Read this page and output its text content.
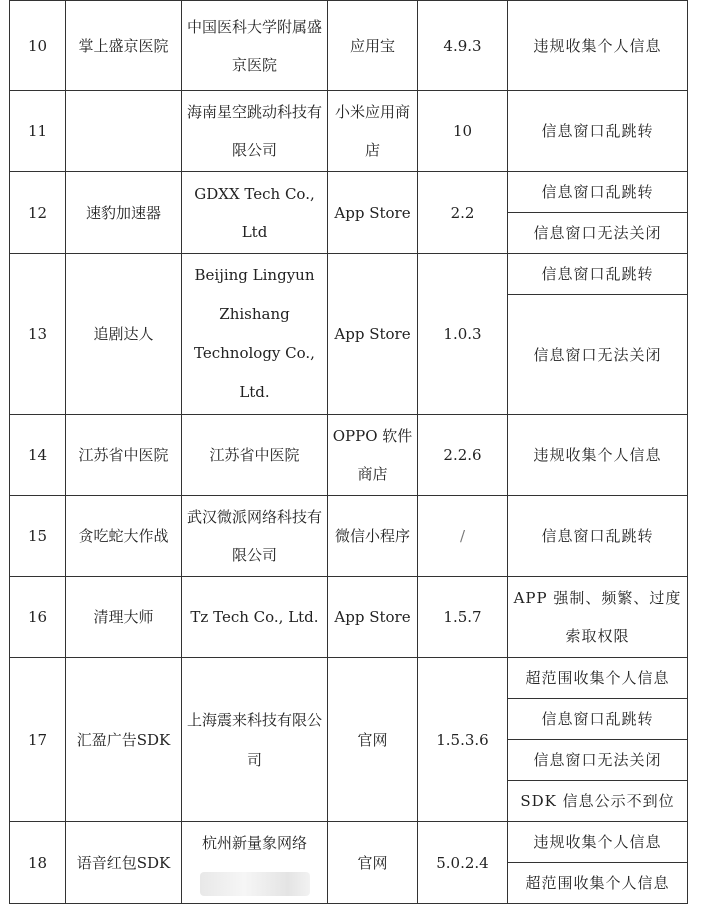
10	掌上盛京医院	中国医科大学附属盛京医院	应用宝	4.9.3	违规收集个人信息
11		海南星空跳动科技有限公司	小米应用商店	10	信息窗口乱跳转
12	速豹加速器	GDXX Tech Co., Ltd	App Store	2.2	信息窗口乱跳转
					信息窗口无法关闭
13	追剧达人	Beijing Lingyun Zhishang Technology Co., Ltd.	App Store	1.0.3	信息窗口乱跳转
					信息窗口无法关闭
14	江苏省中医院	江苏省中医院	OPPO 软件商店	2.2.6	违规收集个人信息
15	贪吃蛇大作战	武汉微派网络科技有限公司	微信小程序	/	信息窗口乱跳转
16	清理大师	Tz Tech Co., Ltd.	App Store	1.5.7	APP 强制、频繁、过度索取权限
17	汇盈广告SDK	上海震来科技有限公司	官网	1.5.3.6	超范围收集个人信息
					信息窗口乱跳转
					信息窗口无法关闭
					SDK 信息公示不到位
18	语音红包SDK	杭州新量象网络	官网	5.0.2.4	违规收集个人信息
					超范围收集个人信息
